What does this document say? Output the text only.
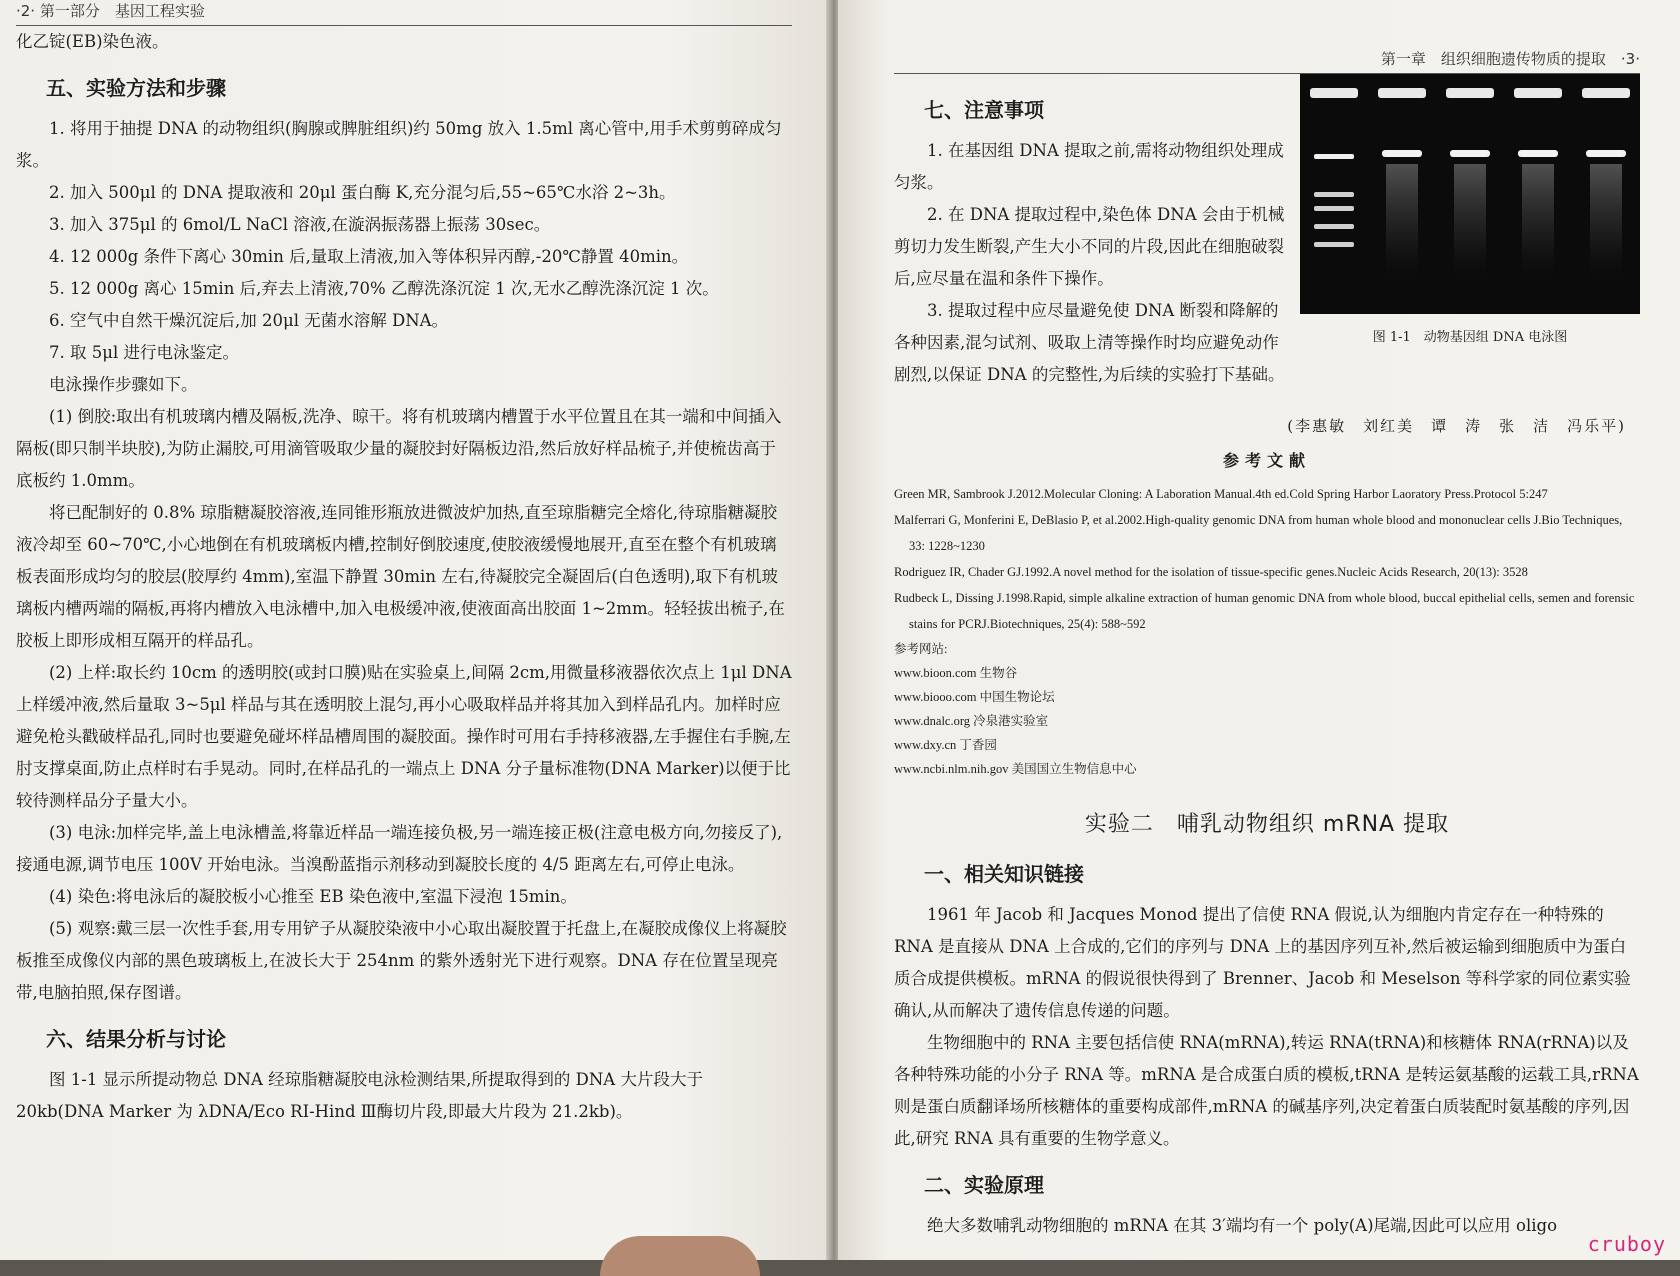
·2· 第一部分　基因工程实验

化乙锭(EB)染色液。

五、实验方法和步骤

1. 将用于抽提 DNA 的动物组织(胸腺或脾脏组织)约 50mg 放入 1.5ml 离心管中,用手术剪剪碎成匀浆。

2. 加入 500μl 的 DNA 提取液和 20μl 蛋白酶 K,充分混匀后,55~65℃水浴 2~3h。

3. 加入 375μl 的 6mol/L NaCl 溶液,在漩涡振荡器上振荡 30sec。

4. 12 000g 条件下离心 30min 后,量取上清液,加入等体积异丙醇,-20℃静置 40min。

5. 12 000g 离心 15min 后,弃去上清液,70% 乙醇洗涤沉淀 1 次,无水乙醇洗涤沉淀 1 次。

6. 空气中自然干燥沉淀后,加 20μl 无菌水溶解 DNA。

7. 取 5μl 进行电泳鉴定。

电泳操作步骤如下。

(1) 倒胶:取出有机玻璃内槽及隔板,洗净、晾干。将有机玻璃内槽置于水平位置且在其一端和中间插入隔板(即只制半块胶),为防止漏胶,可用滴管吸取少量的凝胶封好隔板边沿,然后放好样品梳子,并使梳齿高于底板约 1.0mm。

将已配制好的 0.8% 琼脂糖凝胶溶液,连同锥形瓶放进微波炉加热,直至琼脂糖完全熔化,待琼脂糖凝胶液冷却至 60~70℃,小心地倒在有机玻璃板内槽,控制好倒胶速度,使胶液缓慢地展开,直至在整个有机玻璃板表面形成均匀的胶层(胶厚约 4mm),室温下静置 30min 左右,待凝胶完全凝固后(白色透明),取下有机玻璃板内槽两端的隔板,再将内槽放入电泳槽中,加入电极缓冲液,使液面高出胶面 1~2mm。轻轻拔出梳子,在胶板上即形成相互隔开的样品孔。

(2) 上样:取长约 10cm 的透明胶(或封口膜)贴在实验桌上,间隔 2cm,用微量移液器依次点上 1μl DNA 上样缓冲液,然后量取 3~5μl 样品与其在透明胶上混匀,再小心吸取样品并将其加入到样品孔内。加样时应避免枪头戳破样品孔,同时也要避免碰坏样品槽周围的凝胶面。操作时可用右手持移液器,左手握住右手腕,左肘支撑桌面,防止点样时右手晃动。同时,在样品孔的一端点上 DNA 分子量标准物(DNA Marker)以便于比较待测样品分子量大小。

(3) 电泳:加样完毕,盖上电泳槽盖,将靠近样品一端连接负极,另一端连接正极(注意电极方向,勿接反了),接通电源,调节电压 100V 开始电泳。当溴酚蓝指示剂移动到凝胶长度的 4/5 距离左右,可停止电泳。

(4) 染色:将电泳后的凝胶板小心推至 EB 染色液中,室温下浸泡 15min。

(5) 观察:戴三层一次性手套,用专用铲子从凝胶染液中小心取出凝胶置于托盘上,在凝胶成像仪上将凝胶板推至成像仪内部的黑色玻璃板上,在波长大于 254nm 的紫外透射光下进行观察。DNA 存在位置呈现亮带,电脑拍照,保存图谱。

六、结果分析与讨论

图 1-1 显示所提动物总 DNA 经琼脂糖凝胶电泳检测结果,所提取得到的 DNA 大片段大于 20kb(DNA Marker 为 λDNA/Eco RI-Hind Ⅲ酶切片段,即最大片段为 21.2kb)。

第一章　组织细胞遗传物质的提取　·3·
图 1-1　动物基因组 DNA 电泳图
七、注意事项

1. 在基因组 DNA 提取之前,需将动物组织处理成匀浆。

2. 在 DNA 提取过程中,染色体 DNA 会由于机械剪切力发生断裂,产生大小不同的片段,因此在细胞破裂后,应尽量在温和条件下操作。

3. 提取过程中应尽量避免使 DNA 断裂和降解的各种因素,混匀试剂、吸取上清等操作时均应避免动作剧烈,以保证 DNA 的完整性,为后续的实验打下基础。

(李惠敏　刘红美　谭　涛　张　洁　冯乐平)
参考文献
Green MR, Sambrook J.2012.Molecular Cloning: A Laboration Manual.4th ed.Cold Spring Harbor Laoratory Press.Protocol 5:247
Malferrari G, Monferini E, DeBlasio P, et al.2002.High-quality genomic DNA from human whole blood and mononuclear cells J.Bio Techniques, 33: 1228~1230
Rodriguez IR, Chader GJ.1992.A novel method for the isolation of tissue-specific genes.Nucleic Acids Research, 20(13): 3528
Rudbeck L, Dissing J.1998.Rapid, simple alkaline extraction of human genomic DNA from whole blood, buccal epithelial cells, semen and forensic stains for PCRJ.Biotechniques, 25(4): 588~592
参考网站:
www.bioon.com 生物谷
www.biooo.com 中国生物论坛
www.dnalc.org 冷泉港实验室
www.dxy.cn 丁香园
www.ncbi.nlm.nih.gov 美国国立生物信息中心
实验二　哺乳动物组织 mRNA 提取
一、相关知识链接

1961 年 Jacob 和 Jacques Monod 提出了信使 RNA 假说,认为细胞内肯定存在一种特殊的 RNA 是直接从 DNA 上合成的,它们的序列与 DNA 上的基因序列互补,然后被运输到细胞质中为蛋白质合成提供模板。mRNA 的假说很快得到了 Brenner、Jacob 和 Meselson 等科学家的同位素实验确认,从而解决了遗传信息传递的问题。

生物细胞中的 RNA 主要包括信使 RNA(mRNA),转运 RNA(tRNA)和核糖体 RNA(rRNA)以及各种特殊功能的小分子 RNA 等。mRNA 是合成蛋白质的模板,tRNA 是转运氨基酸的运载工具,rRNA 则是蛋白质翻译场所核糖体的重要构成部件,mRNA 的碱基序列,决定着蛋白质装配时氨基酸的序列,因此,研究 RNA 具有重要的生物学意义。

二、实验原理

绝大多数哺乳动物细胞的 mRNA 在其 3′端均有一个 poly(A)尾端,因此可以应用 oligo

cruboy
